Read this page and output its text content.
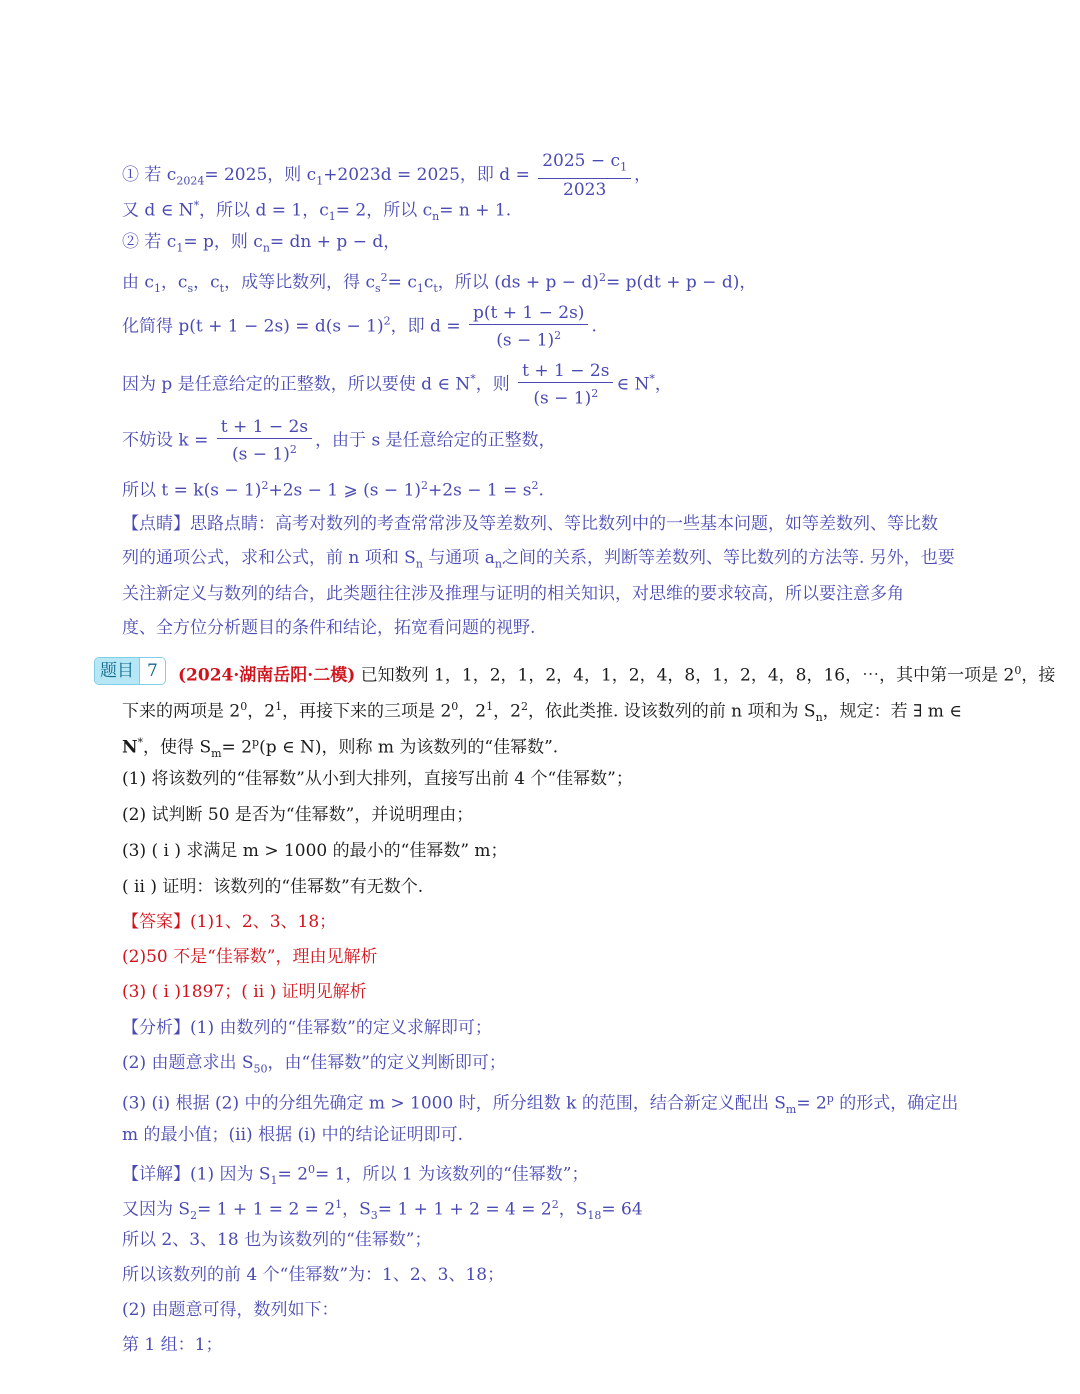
① 若 $c_{2024}= 2025$，则 $c_1+2023d = 2025$，即 $d = \frac{2025 - c_1}{2023}$ ，
又 d ∈ N*，所以 d = 1，$c_1= 2$，所以 $c_n= n + 1$.
② 若 $c_1= p$，则 $c_n=$ dn + p − d，
由 $c_1$，$c_s$，$c_t$，成等比数列，得 $c_s^2= c_1c_t$，所以 (ds + p − d)$^2$= p(dt + p − d)，
化简得 $p(t + 1 - 2s) = d(s - 1)^2$，即 $d = \frac{p(t + 1 - 2s)}{(s - 1)^2}$ .
因为 p 是任意给定的正整数，所以要使 d ∈ N*，则 $\frac{t + 1 - 2s}{(s - 1)^2}$ ∈ N*，
不妨设 $k = \frac{t + 1 - 2s}{(s - 1)^2}$ ，由于 s 是任意给定的正整数，
所以 $t = k(s - 1)^2+2s - 1$ ⩾ $(s - 1)^2+2s - 1 = s^2$.
【点睛】思路点睛：高考对数列的考查常常涉及等差数列、等比数列中的一些基本问题，如等差数列、等比数
列的通项公式，求和公式，前 n 项和 $S_n$ 与通项 $a_n$之间的关系，判断等差数列、等比数列的方法等. 另外，也要
关注新定义与数列的结合，此类题往往涉及推理与证明的相关知识，对思维的要求较高，所以要注意多角
度、全方位分析题目的条件和结论，拓宽看问题的视野.
题目 7	(2024·湖南岳阳·二模) 已知数列 1，1，2，1，2，4，1，2，4，8，1，2，4，8，16，⋯，其中第一项是 $2^0$，接
下来的两项是 $2^0$，$2^1$，再接下来的三项是 $2^0$，$2^1$，$2^2$，依此类推. 设该数列的前 n 项和为 $S_n$，规定：若 ∃ m ∈
N*，使得 $S_m= 2^p(p$ ∈ N)，则称 m 为该数列的“佳幂数”.
(1) 将该数列的“佳幂数”从小到大排列，直接写出前 4 个“佳幂数”；
(2) 试判断 50 是否为“佳幂数”，并说明理由；
(3) ( i ) 求满足 m > 1000 的最小的“佳幂数” m；
( ii ) 证明：该数列的“佳幂数”有无数个.
【答案】(1)1、2、3、18；
(2)50 不是“佳幂数”，理由见解析
(3) ( i )1897；( ii ) 证明见解析
【分析】(1) 由数列的“佳幂数”的定义求解即可；
(2) 由题意求出 $S_{50}$，由“佳幂数”的定义判断即可；
(3) (i) 根据 (2) 中的分组先确定 m > 1000 时，所分组数 k 的范围，结合新定义配出 $S_m= 2^p$ 的形式，确定出
m 的最小值；(ii) 根据 (i) 中的结论证明即可.
【详解】(1) 因为 $S_1= 2^0= 1$，所以 1 为该数列的“佳幂数”；
又因为 $S_2= 1 + 1 = 2 = 2^1$，$S_3= 1 + 1 + 2 = 4 = 2^2$，$S_{18}= 64$
所以 2、3、18 也为该数列的“佳幂数”；
所以该数列的前 4 个“佳幂数”为：1、2、3、18；
(2) 由题意可得，数列如下：
第 1 组：1；
